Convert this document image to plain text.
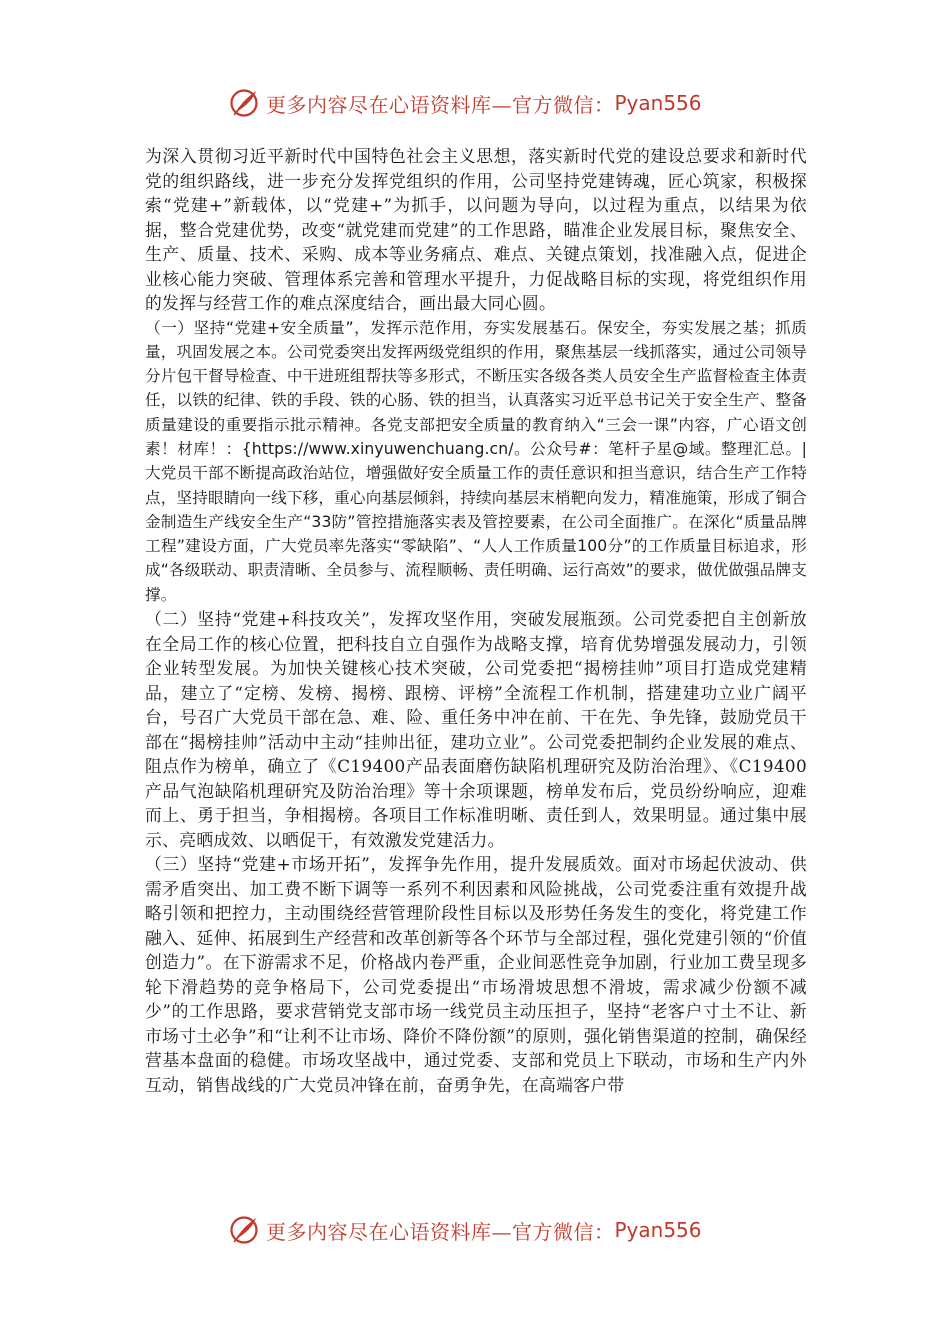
更多内容尽在心语资料库—官方微信： Pyan556

为深入贯彻习近平新时代中国特色社会主义思想，落实新时代党的建设总要求和新时代党的组织路线，进一步充分发挥党组织的作用，公司坚持党建铸魂，匠心筑家，积极探索“党建+”新载体，以“党建+”为抓手，以问题为导向，以过程为重点，以结果为依据，整合党建优势，改变“就党建而党建”的工作思路，瞄准企业发展目标，聚焦安全、生产、质量、技术、采购、成本等业务痛点、难点、关键点策划，找准融入点，促进企业核心能力突破、管理体系完善和管理水平提升，力促战略目标的实现，将党组织作用的发挥与经营工作的难点深度结合，画出最大同心圆。

（一）坚持“党建+安全质量”，发挥示范作用，夯实发展基石。保安全，夯实发展之基；抓质量，巩固发展之本。公司党委突出发挥两级党组织的作用，聚焦基层一线抓落实，通过公司领导分片包干督导检查、中干进班组帮扶等多形式，不断压实各级各类人员安全生产监督检查主体责任，以铁的纪律、铁的手段、铁的心肠、铁的担当，认真落实习近平总书记关于安全生产、整备质量建设的重要指示批示精神。各党支部把安全质量的教育纳入“三会一课”内容，广心语文创素！材库！：{https://www.xinyuwenchuang.cn/。公众号#：笔杆子星@域。整理汇总。|大党员干部不断提高政治站位，增强做好安全质量工作的责任意识和担当意识，结合生产工作特点，坚持眼睛向一线下移，重心向基层倾斜，持续向基层末梢靶向发力，精准施策，形成了铜合金制造生产线安全生产“33防”管控措施落实表及管控要素，在公司全面推广。在深化“质量品牌工程”建设方面，广大党员率先落实“零缺陷”、“人人工作质量100分”的工作质量目标追求，形成“各级联动、职责清晰、全员参与、流程顺畅、责任明确、运行高效”的要求，做优做强品牌支撑。

（二）坚持“党建+科技攻关”，发挥攻坚作用，突破发展瓶颈。公司党委把自主创新放在全局工作的核心位置，把科技自立自强作为战略支撑，培育优势增强发展动力，引领企业转型发展。为加快关键核心技术突破，公司党委把“揭榜挂帅”项目打造成党建精品，建立了“定榜、发榜、揭榜、跟榜、评榜”全流程工作机制，搭建建功立业广阔平台，号召广大党员干部在急、难、险、重任务中冲在前、干在先、争先锋，鼓励党员干部在“揭榜挂帅”活动中主动“挂帅出征，建功立业”。公司党委把制约企业发展的难点、阻点作为榜单，确立了《C19400产品表面磨伤缺陷机理研究及防治治理》、《C19400产品气泡缺陷机理研究及防治治理》等十余项课题，榜单发布后，党员纷纷响应，迎难而上、勇于担当，争相揭榜。各项目工作标准明晰、责任到人，效果明显。通过集中展示、亮晒成效、以晒促干，有效激发党建活力。

（三）坚持“党建+市场开拓”，发挥争先作用，提升发展质效。面对市场起伏波动、供需矛盾突出、加工费不断下调等一系列不利因素和风险挑战，公司党委注重有效提升战略引领和把控力，主动围绕经营管理阶段性目标以及形势任务发生的变化，将党建工作融入、延伸、拓展到生产经营和改革创新等各个环节与全部过程，强化党建引领的“价值创造力”。在下游需求不足，价格战内卷严重，企业间恶性竞争加剧，行业加工费呈现多轮下滑趋势的竞争格局下，公司党委提出“市场滑坡思想不滑坡，需求减少份额不减少”的工作思路，要求营销党支部市场一线党员主动压担子，坚持“老客户寸土不让、新市场寸土必争”和“让利不让市场、降价不降份额”的原则，强化销售渠道的控制，确保经营基本盘面的稳健。市场攻坚战中，通过党委、支部和党员上下联动，市场和生产内外互动，销售战线的广大党员冲锋在前，奋勇争先，在高端客户带

更多内容尽在心语资料库—官方微信： Pyan556
